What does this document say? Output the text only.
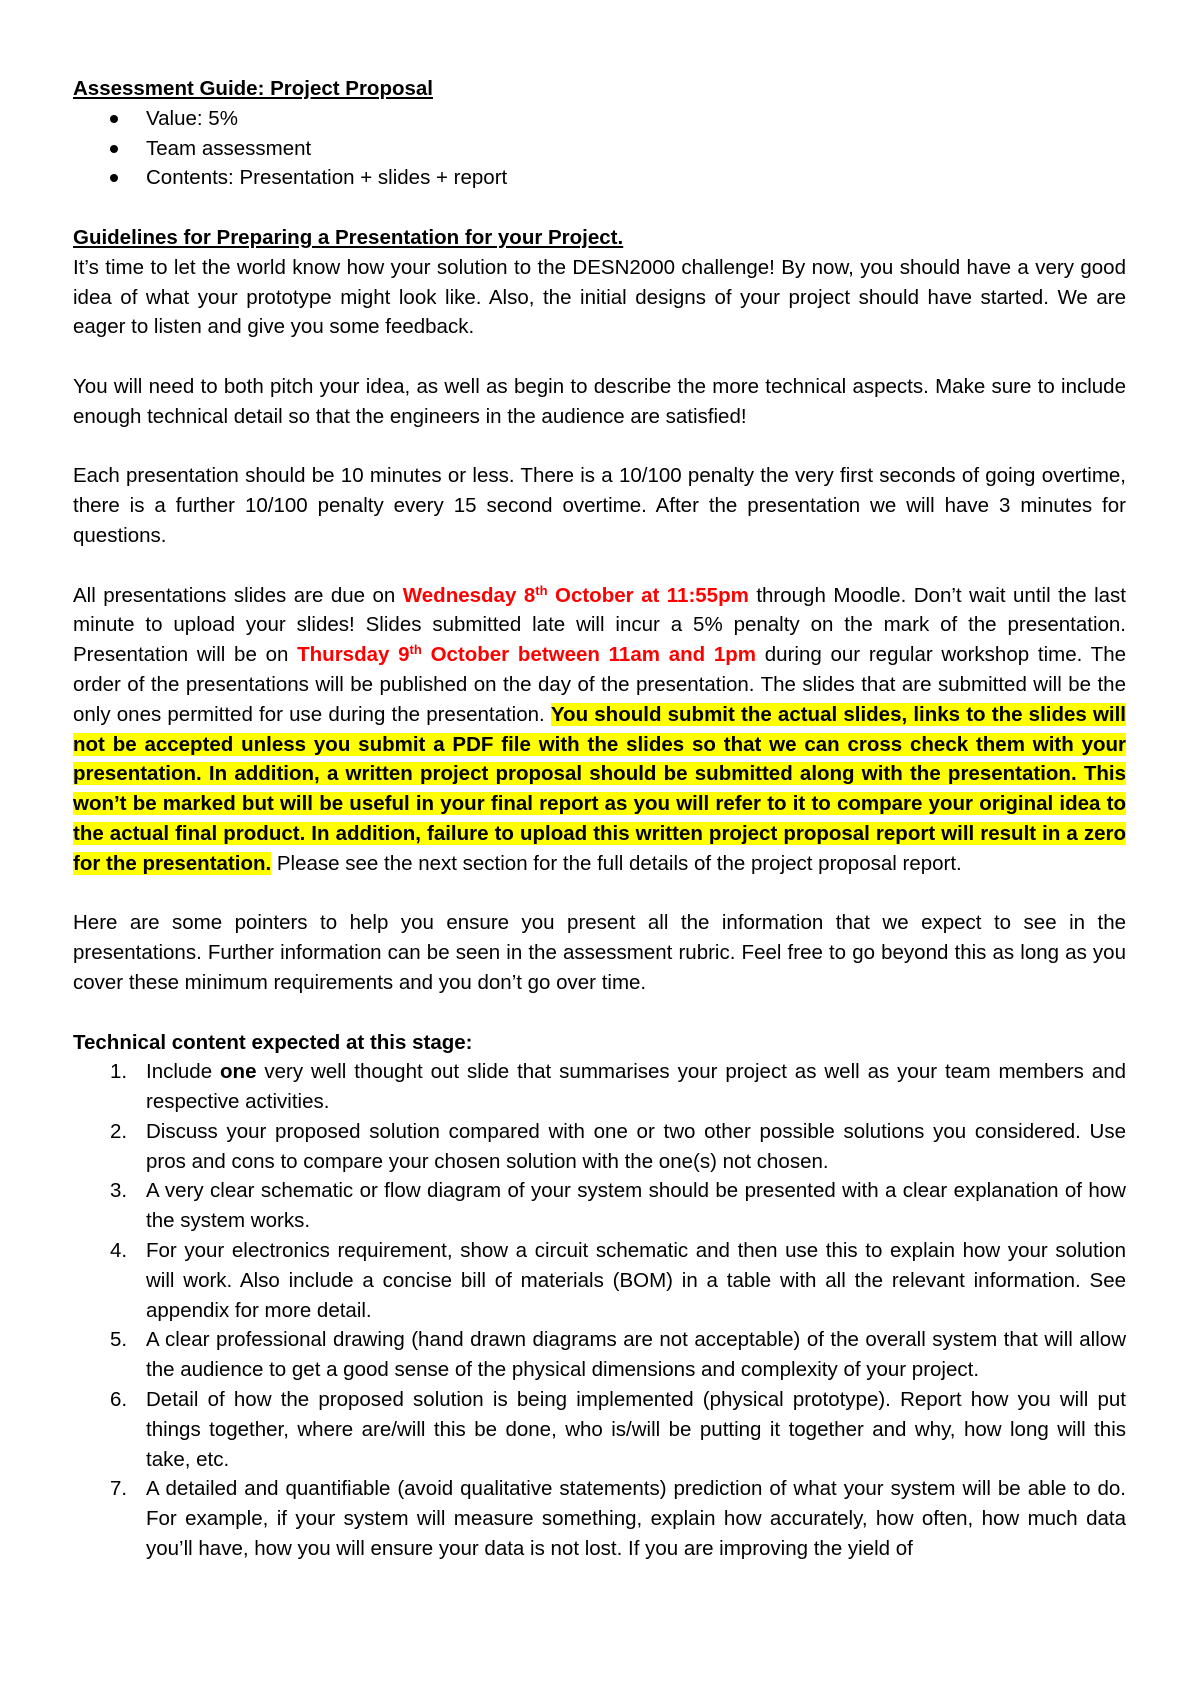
Assessment Guide: Project Proposal

Value: 5%
Team assessment
Contents: Presentation + slides + report

Guidelines for Preparing a Presentation for your Project.

It’s time to let the world know how your solution to the DESN2000 challenge! By now, you should have a very good idea of what your prototype might look like. Also, the initial designs of your project should have started. We are eager to listen and give you some feedback.

You will need to both pitch your idea, as well as begin to describe the more technical aspects. Make sure to include enough technical detail so that the engineers in the audience are satisfied!

Each presentation should be 10 minutes or less. There is a 10/100 penalty the very first seconds of going overtime, there is a further 10/100 penalty every 15 second overtime. After the presentation we will have 3 minutes for questions.

All presentations slides are due on Wednesday 8th October at 11:55pm through Moodle. Don’t wait until the last minute to upload your slides! Slides submitted late will incur a 5% penalty on the mark of the presentation. Presentation will be on Thursday 9th October between 11am and 1pm during our regular workshop time. The order of the presentations will be published on the day of the presentation. The slides that are submitted will be the only ones permitted for use during the presentation. You should submit the actual slides, links to the slides will not be accepted unless you submit a PDF file with the slides so that we can cross check them with your presentation. In addition, a written project proposal should be submitted along with the presentation. This won’t be marked but will be useful in your final report as you will refer to it to compare your original idea to the actual final product. In addition, failure to upload this written project proposal report will result in a zero for the presentation. Please see the next section for the full details of the project proposal report.

Here are some pointers to help you ensure you present all the information that we expect to see in the presentations. Further information can be seen in the assessment rubric. Feel free to go beyond this as long as you cover these minimum requirements and you don’t go over time.

Technical content expected at this stage:

1. Include one very well thought out slide that summarises your project as well as your team members and respective activities.
2. Discuss your proposed solution compared with one or two other possible solutions you considered. Use pros and cons to compare your chosen solution with the one(s) not chosen.
3. A very clear schematic or flow diagram of your system should be presented with a clear explanation of how the system works.
4. For your electronics requirement, show a circuit schematic and then use this to explain how your solution will work. Also include a concise bill of materials (BOM) in a table with all the relevant information. See appendix for more detail.
5. A clear professional drawing (hand drawn diagrams are not acceptable) of the overall system that will allow the audience to get a good sense of the physical dimensions and complexity of your project.
6. Detail of how the proposed solution is being implemented (physical prototype). Report how you will put things together, where are/will this be done, who is/will be putting it together and why, how long will this take, etc.
7. A detailed and quantifiable (avoid qualitative statements) prediction of what your system will be able to do. For example, if your system will measure something, explain how accurately, how often, how much data you’ll have, how you will ensure your data is not lost. If you are improving the yield of
